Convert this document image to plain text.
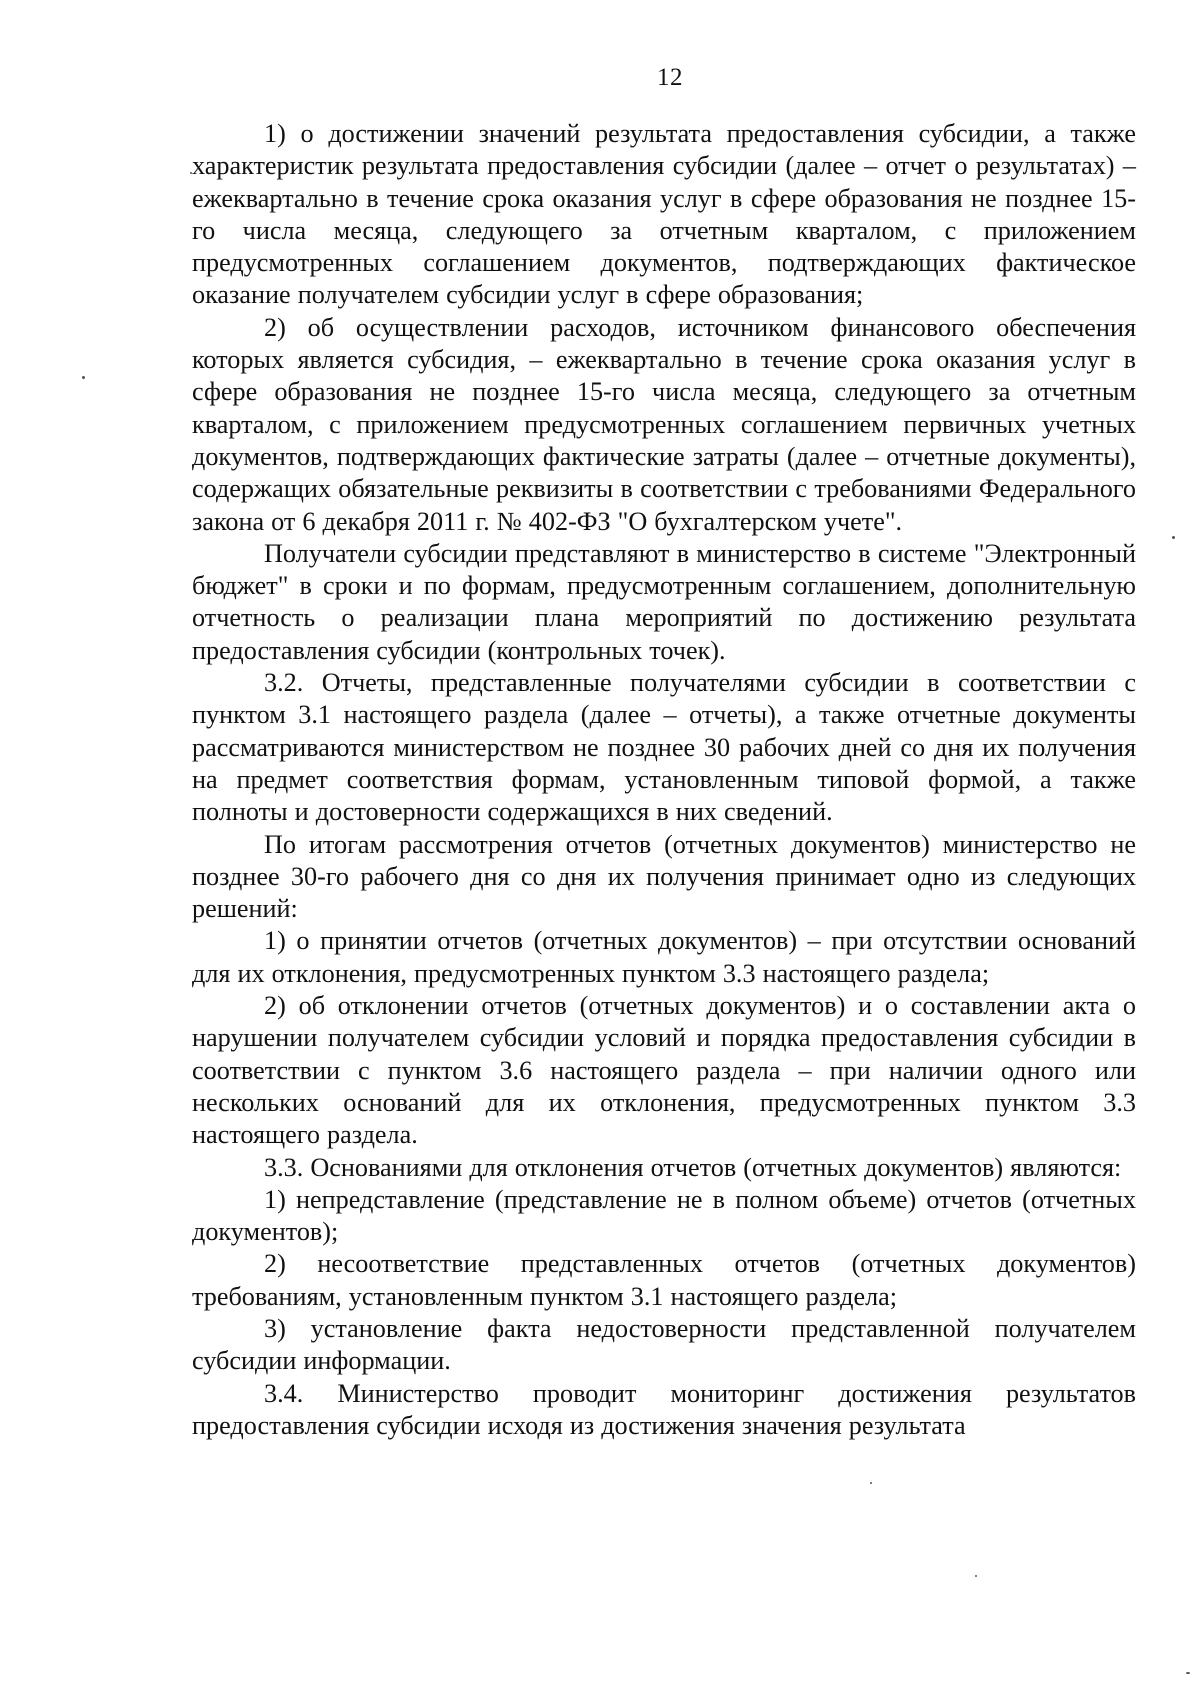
12

1) о достижении значений результата предоставления субсидии, а также характеристик результата предоставления субсидии (далее – отчет о результатах) – ежеквартально в течение срока оказания услуг в сфере образования не позднее 15-го числа месяца, следующего за отчетным кварталом, с приложением предусмотренных соглашением документов, подтверждающих фактическое оказание получателем субсидии услуг в сфере образования;

2) об осуществлении расходов, источником финансового обеспечения которых является субсидия, – ежеквартально в течение срока оказания услуг в сфере образования не позднее 15-го числа месяца, следующего за отчетным кварталом, с приложением предусмотренных соглашением первичных учетных документов, подтверждающих фактические затраты (далее – отчетные документы), содержащих обязательные реквизиты в соответствии с требованиями Федерального закона от 6 декабря 2011 г. № 402-ФЗ "О бухгалтерском учете".

Получатели субсидии представляют в министерство в системе "Электронный бюджет" в сроки и по формам, предусмотренным соглашением, дополнительную отчетность о реализации плана мероприятий по достижению результата предоставления субсидии (контрольных точек).

3.2. Отчеты, представленные получателями субсидии в соответствии с пунктом 3.1 настоящего раздела (далее – отчеты), а также отчетные документы рассматриваются министерством не позднее 30 рабочих дней со дня их получения на предмет соответствия формам, установленным типовой формой, а также полноты и достоверности содержащихся в них сведений.

По итогам рассмотрения отчетов (отчетных документов) министерство не позднее 30-го рабочего дня со дня их получения принимает одно из следующих решений:

1) о принятии отчетов (отчетных документов) – при отсутствии оснований для их отклонения, предусмотренных пунктом 3.3 настоящего раздела;

2) об отклонении отчетов (отчетных документов) и о составлении акта о нарушении получателем субсидии условий и порядка предоставления субсидии в соответствии с пунктом 3.6 настоящего раздела – при наличии одного или нескольких оснований для их отклонения, предусмотренных пунктом 3.3 настоящего раздела.

3.3. Основаниями для отклонения отчетов (отчетных документов) являются:

1) непредставление (представление не в полном объеме) отчетов (отчетных документов);

2) несоответствие представленных отчетов (отчетных документов) требованиям, установленным пунктом 3.1 настоящего раздела;

3) установление факта недостоверности представленной получателем субсидии информации.

3.4. Министерство проводит мониторинг достижения результатов предоставления субсидии исходя из достижения значения результата
